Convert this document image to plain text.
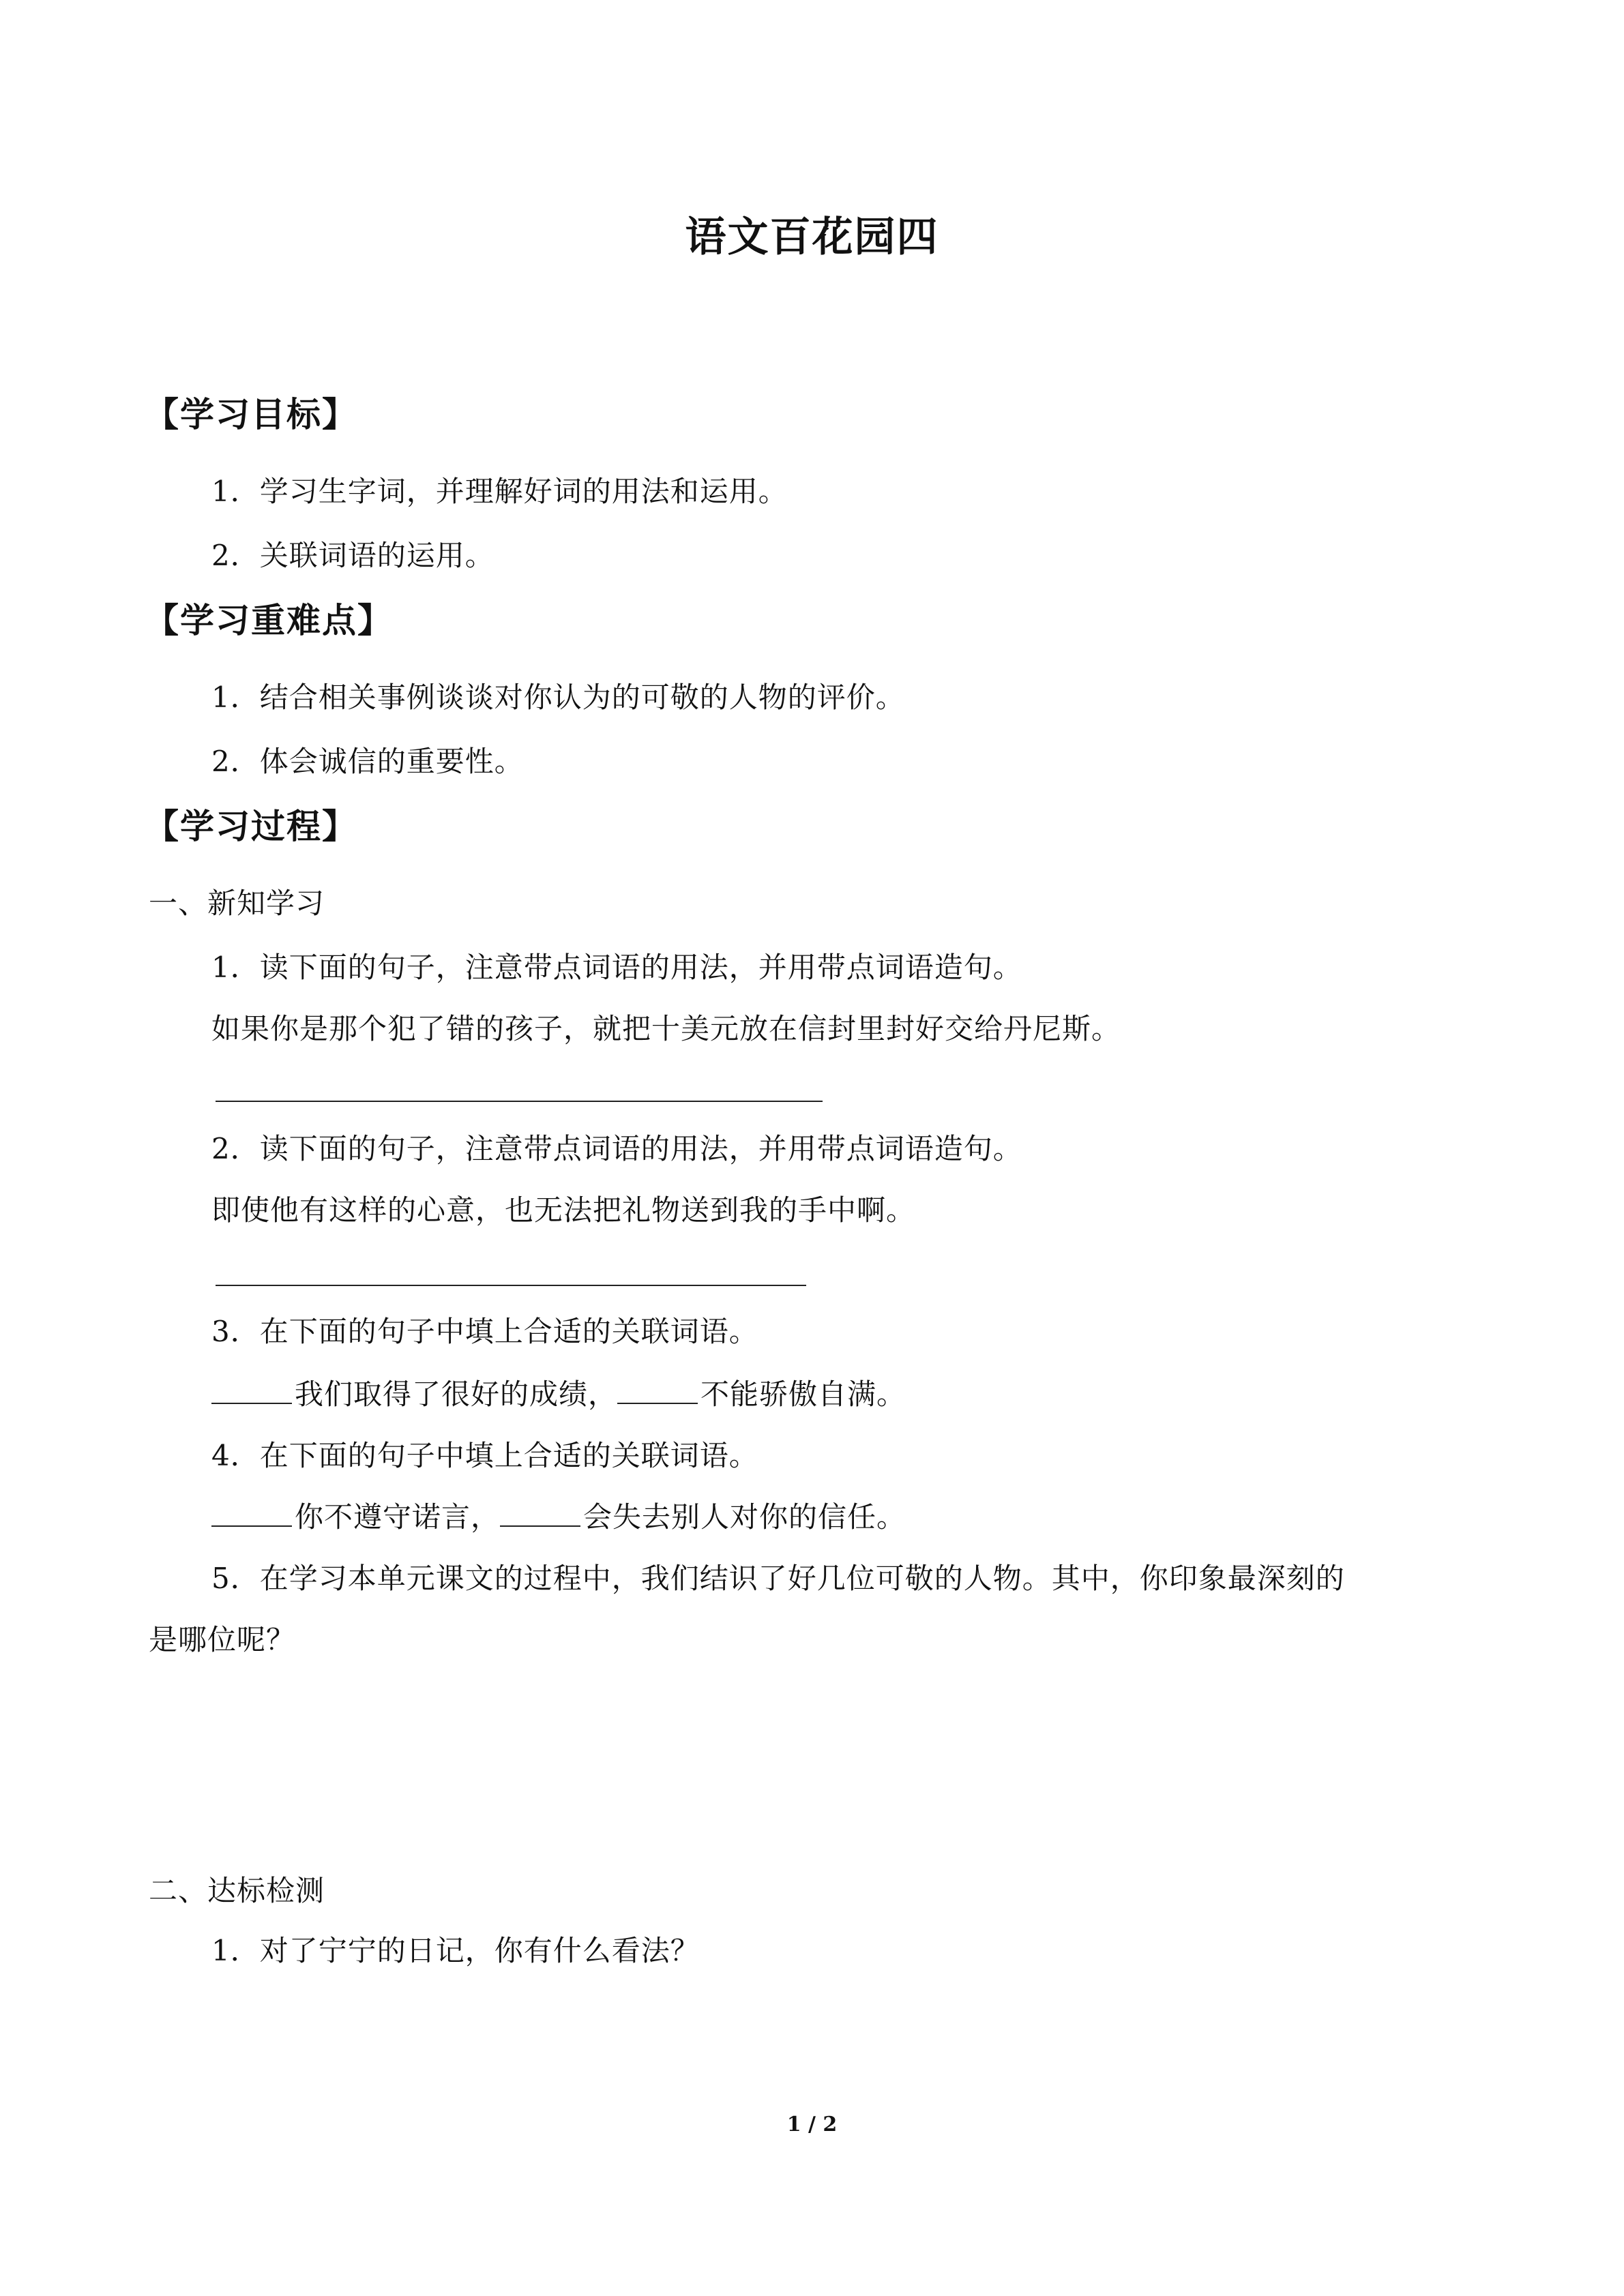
语文百花园四
【学习目标】
1．学习生字词，并理解好词的用法和运用。
2．关联词语的运用。
【学习重难点】
1．结合相关事例谈谈对你认为的可敬的人物的评价。
2．体会诚信的重要性。
【学习过程】
一、新知学习
1．读下面的句子，注意带点词语的用法，并用带点词语造句。
如果你是那个犯了错的孩子，就把十美元放在信封里封好交给丹尼斯。
2．读下面的句子，注意带点词语的用法，并用带点词语造句。
即使他有这样的心意，也无法把礼物送到我的手中啊。
3．在下面的句子中填上合适的关联词语。
我们取得了很好的成绩，	不能骄傲自满。
4．在下面的句子中填上合适的关联词语。
你不遵守诺言，	会失去别人对你的信任。
5．在学习本单元课文的过程中，我们结识了好几位可敬的人物。其中，你印象最深刻的
是哪位呢？
二、达标检测
1．对了宁宁的日记，你有什么看法？
1 / 2
